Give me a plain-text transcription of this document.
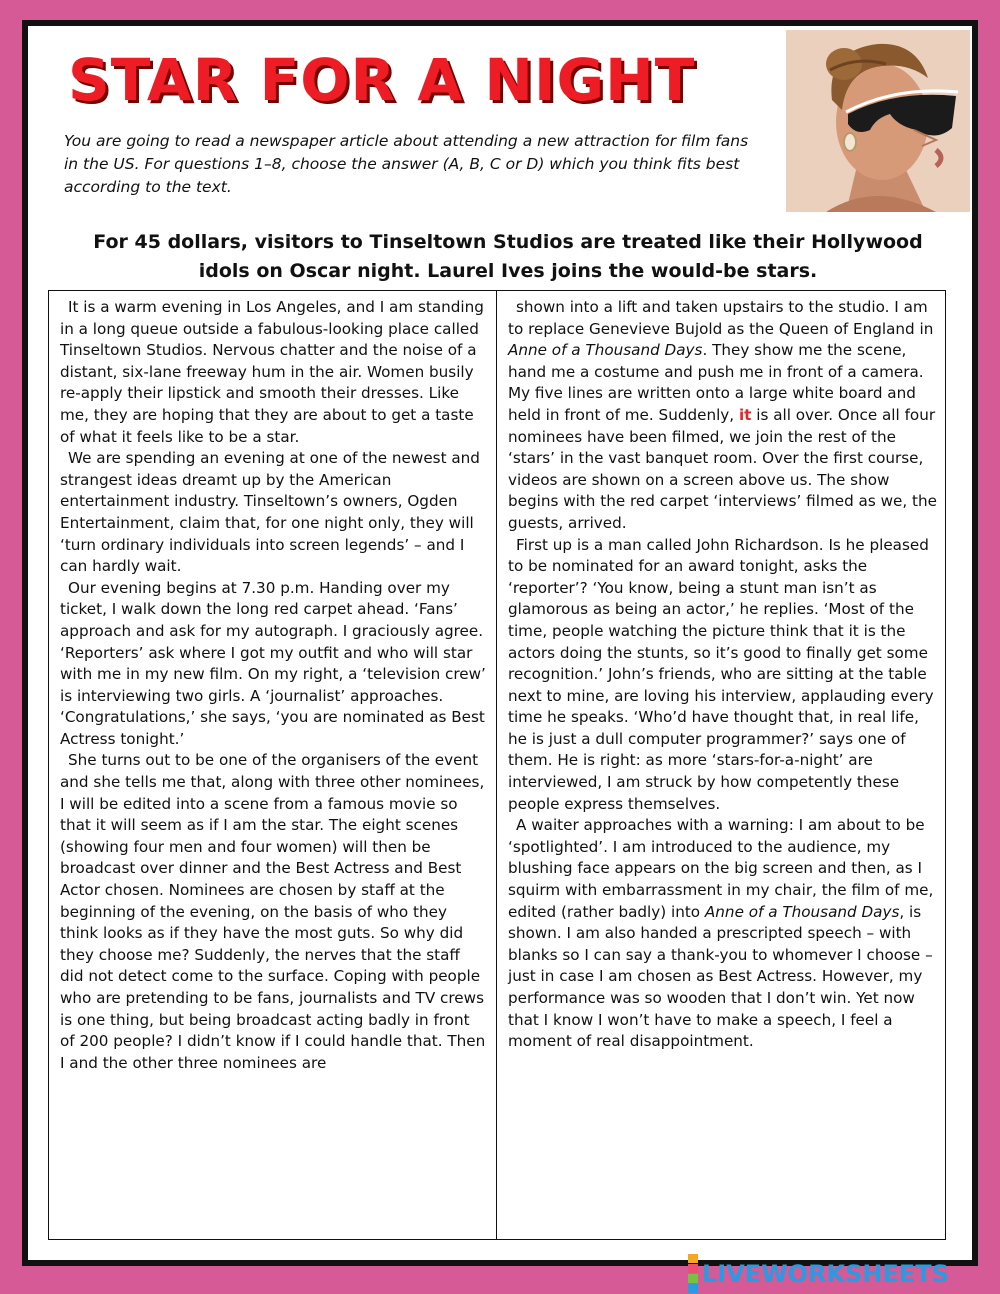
STAR FOR A NIGHT

You are going to read a newspaper article about attending a new attraction for film fans in the US. For questions 1–8, choose the answer (A, B, C or D) which you think fits best according to the text.

For 45 dollars, visitors to Tinseltown Studios are treated like their Hollywood idols on Oscar night. Laurel Ives joins the would-be stars.

It is a warm evening in Los Angeles, and I am standing in a long queue outside a fabulous-looking place called Tinseltown Studios. Nervous chatter and the noise of a distant, six-lane freeway hum in the air. Women busily re-apply their lipstick and smooth their dresses. Like me, they are hoping that they are about to get a taste of what it feels like to be a star.

We are spending an evening at one of the newest and strangest ideas dreamt up by the American entertainment industry. Tinseltown’s owners, Ogden Entertainment, claim that, for one night only, they will ‘turn ordinary individuals into screen legends’ – and I can hardly wait.

Our evening begins at 7.30 p.m. Handing over my ticket, I walk down the long red carpet ahead. ‘Fans’ approach and ask for my autograph. I graciously agree. ‘Reporters’ ask where I got my outfit and who will star with me in my new film. On my right, a ‘television crew’ is interviewing two girls. A ‘journalist’ approaches. ‘Congratulations,’ she says, ‘you are nominated as Best Actress tonight.’

She turns out to be one of the organisers of the event and she tells me that, along with three other nominees, I will be edited into a scene from a famous movie so that it will seem as if I am the star. The eight scenes (showing four men and four women) will then be broadcast over dinner and the Best Actress and Best Actor chosen. Nominees are chosen by staff at the beginning of the evening, on the basis of who they think looks as if they have the most guts. So why did they choose me? Suddenly, the nerves that the staff did not detect come to the surface. Coping with people who are pretending to be fans, journalists and TV crews is one thing, but being broadcast acting badly in front of 200 people? I didn’t know if I could handle that. Then I and the other three nominees are

shown into a lift and taken upstairs to the studio. I am to replace Genevieve Bujold as the Queen of England in Anne of a Thousand Days. They show me the scene, hand me a costume and push me in front of a camera. My five lines are written onto a large white board and held in front of me. Suddenly, it is all over. Once all four nominees have been filmed, we join the rest of the ‘stars’ in the vast banquet room. Over the first course, videos are shown on a screen above us. The show begins with the red carpet ‘interviews’ filmed as we, the guests, arrived.

First up is a man called John Richardson. Is he pleased to be nominated for an award tonight, asks the ‘reporter’? ‘You know, being a stunt man isn’t as glamorous as being an actor,’ he replies. ‘Most of the time, people watching the picture think that it is the actors doing the stunts, so it’s good to finally get some recognition.’ John’s friends, who are sitting at the table next to mine, are loving his interview, applauding every time he speaks. ‘Who’d have thought that, in real life, he is just a dull computer programmer?’ says one of them. He is right: as more ‘stars-for-a-night’ are interviewed, I am struck by how competently these people express themselves.

A waiter approaches with a warning: I am about to be ‘spotlighted’. I am introduced to the audience, my blushing face appears on the big screen and then, as I squirm with embarrassment in my chair, the film of me, edited (rather badly) into Anne of a Thousand Days, is shown. I am also handed a prescripted speech – with blanks so I can say a thank-you to whomever I choose – just in case I am chosen as Best Actress. However, my performance was so wooden that I don’t win. Yet now that I know I won’t have to make a speech, I feel a moment of real disappointment.

LIVEWORKSHEETS
